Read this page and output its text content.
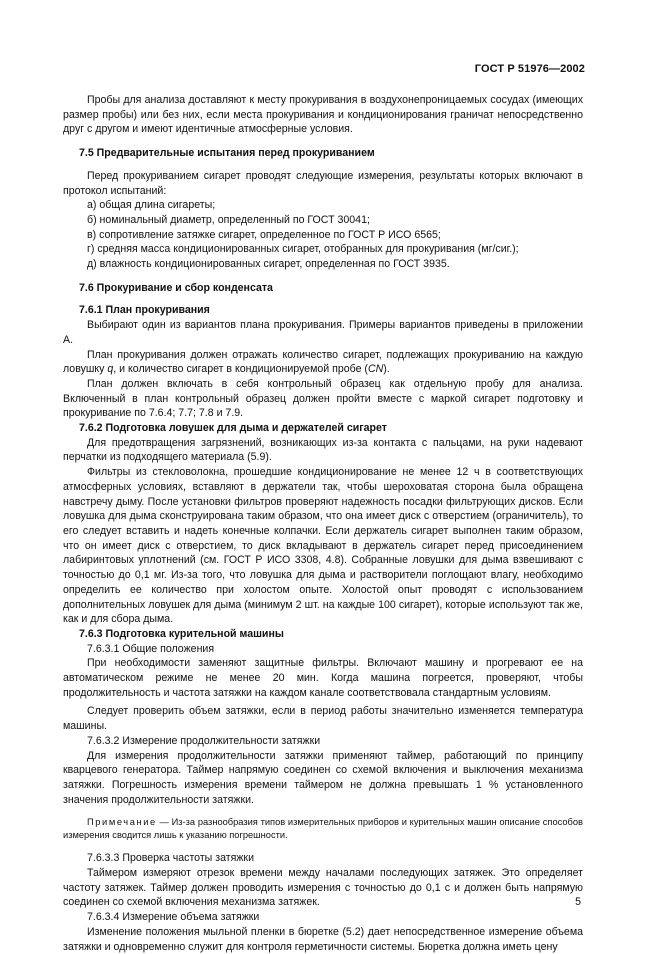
ГОСТ Р 51976—2002

Пробы для анализа доставляют к месту прокуривания в воздухонепроницаемых сосудах (имеющих размер пробы) или без них, если места прокуривания и кондиционирования граничат непосредственно друг с другом и имеют идентичные атмосферные условия.

7.5 Предварительные испытания перед прокуриванием

Перед прокуриванием сигарет проводят следующие измерения, результаты которых включают в протокол испытаний:

а) общая длина сигареты;

б) номинальный диаметр, определенный по ГОСТ 30041;

в) сопротивление затяжке сигарет, определенное по ГОСТ Р ИСО 6565;

г) средняя масса кондиционированных сигарет, отобранных для прокуривания (мг/сиг.);

д) влажность кондиционированных сигарет, определенная по ГОСТ 3935.

7.6 Прокуривание и сбор конденсата

7.6.1 План прокуривания

Выбирают один из вариантов плана прокуривания. Примеры вариантов приведены в приложении А.

План прокуривания должен отражать количество сигарет, подлежащих прокуриванию на каждую ловушку q, и количество сигарет в кондиционируемой пробе (CN).

План должен включать в себя контрольный образец как отдельную пробу для анализа. Включенный в план контрольный образец должен пройти вместе с маркой сигарет подготовку и прокуривание по 7.6.4; 7.7; 7.8 и 7.9.

7.6.2 Подготовка ловушек для дыма и держателей сигарет

Для предотвращения загрязнений, возникающих из-за контакта с пальцами, на руки надевают перчатки из подходящего материала (5.9).

Фильтры из стекловолокна, прошедшие кондиционирование не менее 12 ч в соответствующих атмосферных условиях, вставляют в держатели так, чтобы шероховатая сторона была обращена навстречу дыму. После установки фильтров проверяют надежность посадки фильтрующих дисков. Если ловушка для дыма сконструирована таким образом, что она имеет диск с отверстием (ограничитель), то его следует вставить и надеть конечные колпачки. Если держатель сигарет выполнен таким образом, что он имеет диск с отверстием, то диск вкладывают в держатель сигарет перед присоединением лабиринтовых уплотнений (см. ГОСТ Р ИСО 3308, 4.8). Собранные ловушки для дыма взвешивают с точностью до 0,1 мг. Из-за того, что ловушка для дыма и растворители поглощают влагу, необходимо определить ее количество при холостом опыте. Холостой опыт проводят с использованием дополнительных ловушек для дыма (минимум 2 шт. на каждые 100 сигарет), которые используют так же, как и для сбора дыма.

7.6.3 Подготовка курительной машины

7.6.3.1 Общие положения

При необходимости заменяют защитные фильтры. Включают машину и прогревают ее на автоматическом режиме не менее 20 мин. Когда машина погреется, проверяют, чтобы продолжительность и частота затяжки на каждом канале соответствовала стандартным условиям.

Следует проверить объем затяжки, если в период работы значительно изменяется температура машины.

7.6.3.2 Измерение продолжительности затяжки

Для измерения продолжительности затяжки применяют таймер, работающий по принципу кварцевого генератора. Таймер напрямую соединен со схемой включения и выключения механизма затяжки. Погрешность измерения времени таймером не должна превышать 1 % установленного значения продолжительности затяжки.

Примечание — Из-за разнообразия типов измерительных приборов и курительных машин описание способов измерения сводится лишь к указанию погрешности.

7.6.3.3 Проверка частоты затяжки

Таймером измеряют отрезок времени между началами последующих затяжек. Это определяет частоту затяжек. Таймер должен проводить измерения с точностью до 0,1 с и должен быть напрямую соединен со схемой включения механизма затяжек.

7.6.3.4 Измерение объема затяжки

Изменение положения мыльной пленки в бюретке (5.2) дает непосредственное измерение объема затяжки и одновременно служит для контроля герметичности системы. Бюретка должна иметь цену

5
